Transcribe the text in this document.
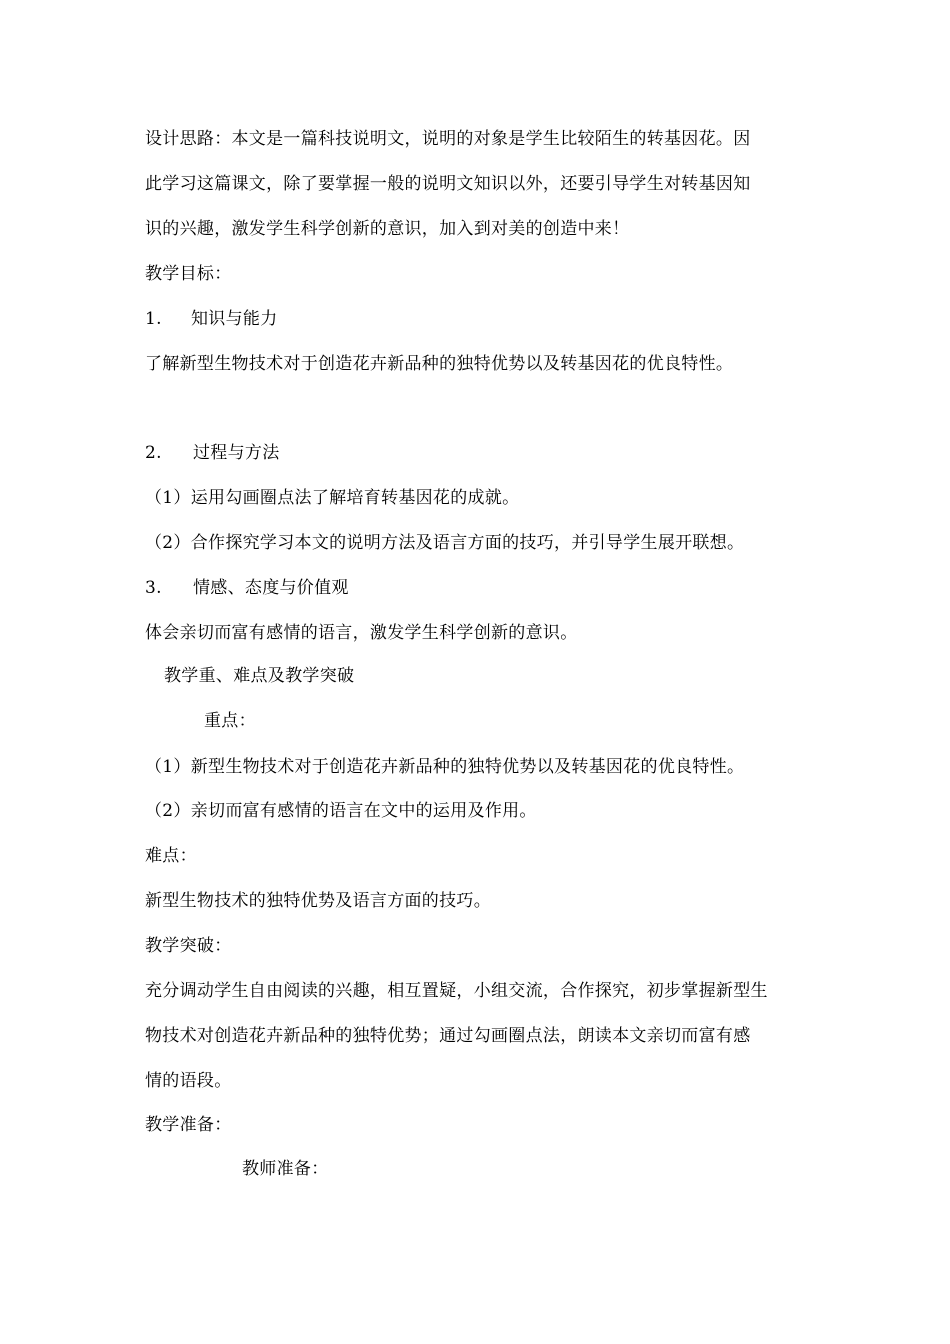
设计思路：本文是一篇科技说明文，说明的对象是学生比较陌生的转基因花。因
此学习这篇课文，除了要掌握一般的说明文知识以外，还要引导学生对转基因知
识的兴趣，激发学生科学创新的意识，加入到对美的创造中来！
教学目标：
1. 知识与能力
了解新型生物技术对于创造花卉新品种的独特优势以及转基因花的优良特性。
2. 过程与方法
（1）运用勾画圈点法了解培育转基因花的成就。
（2）合作探究学习本文的说明方法及语言方面的技巧，并引导学生展开联想。
3. 情感、态度与价值观
体会亲切而富有感情的语言，激发学生科学创新的意识。
教学重、难点及教学突破
重点：
（1）新型生物技术对于创造花卉新品种的独特优势以及转基因花的优良特性。
（2）亲切而富有感情的语言在文中的运用及作用。
难点：
新型生物技术的独特优势及语言方面的技巧。
教学突破：
充分调动学生自由阅读的兴趣，相互置疑，小组交流，合作探究，初步掌握新型生
物技术对创造花卉新品种的独特优势；通过勾画圈点法，朗读本文亲切而富有感
情的语段。
教学准备：
教师准备：
